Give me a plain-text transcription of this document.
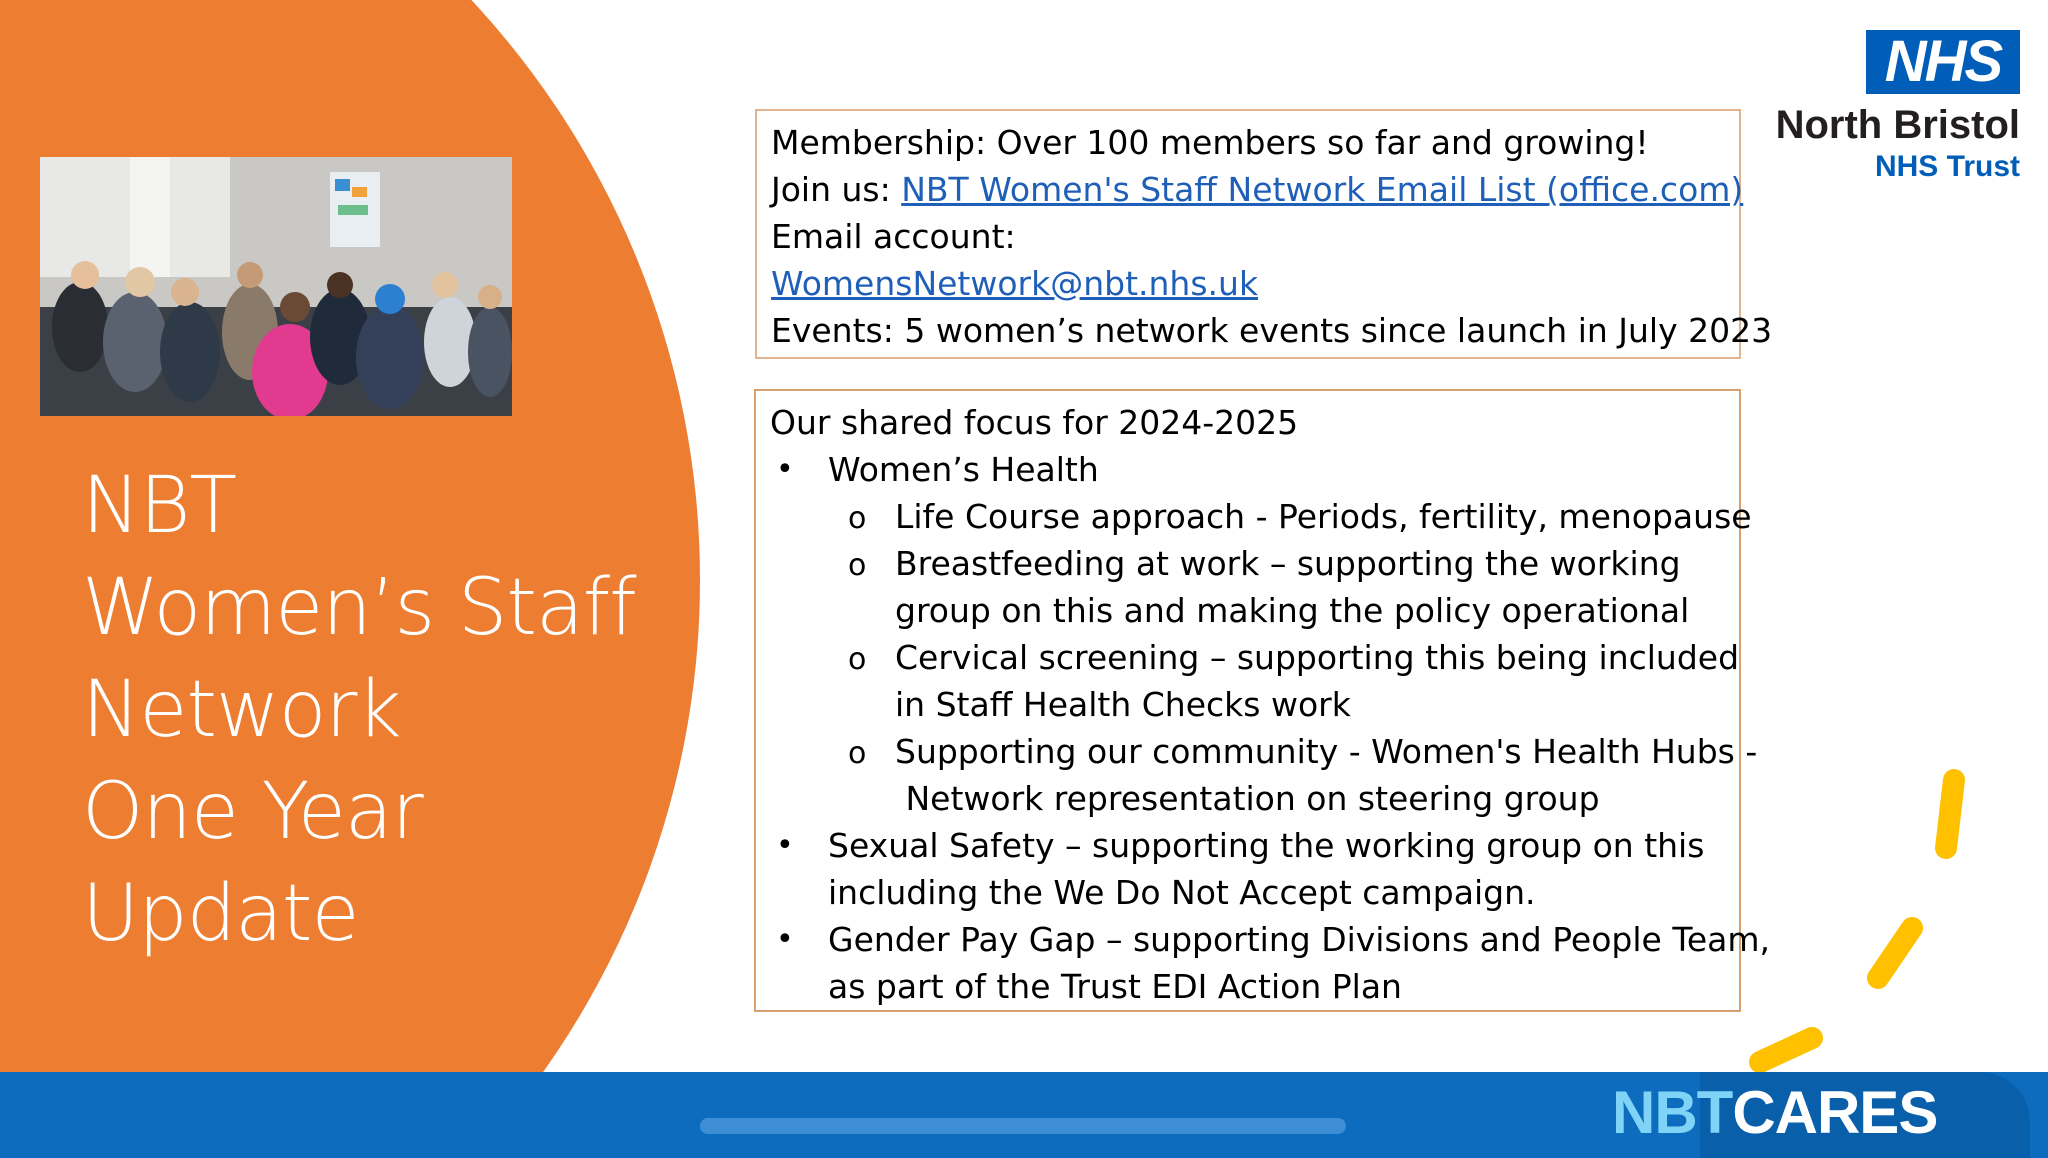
NBT
Women’s Staff
Network
One Year
Update
Membership: Over 100 members so far and growing!
Join us: NBT Women's Staff Network Email List (office.com)
Email account:
WomensNetwork@nbt.nhs.uk
Events: 5 women’s network events since launch in July 2023
Our shared focus for 2024-2025
• Women’s Health
o Life Course approach - Periods, fertility, menopause
o Breastfeeding at work – supporting the working
group on this and making the policy operational
o Cervical screening – supporting this being included
in Staff Health Checks work
o Supporting our community - Women's Health Hubs -
Network representation on steering group
• Sexual Safety – supporting the working group on this
including the We Do Not Accept campaign.
• Gender Pay Gap – supporting Divisions and People Team,
as part of the Trust EDI Action Plan
NHS
North Bristol
NHS Trust
NBTCARES
